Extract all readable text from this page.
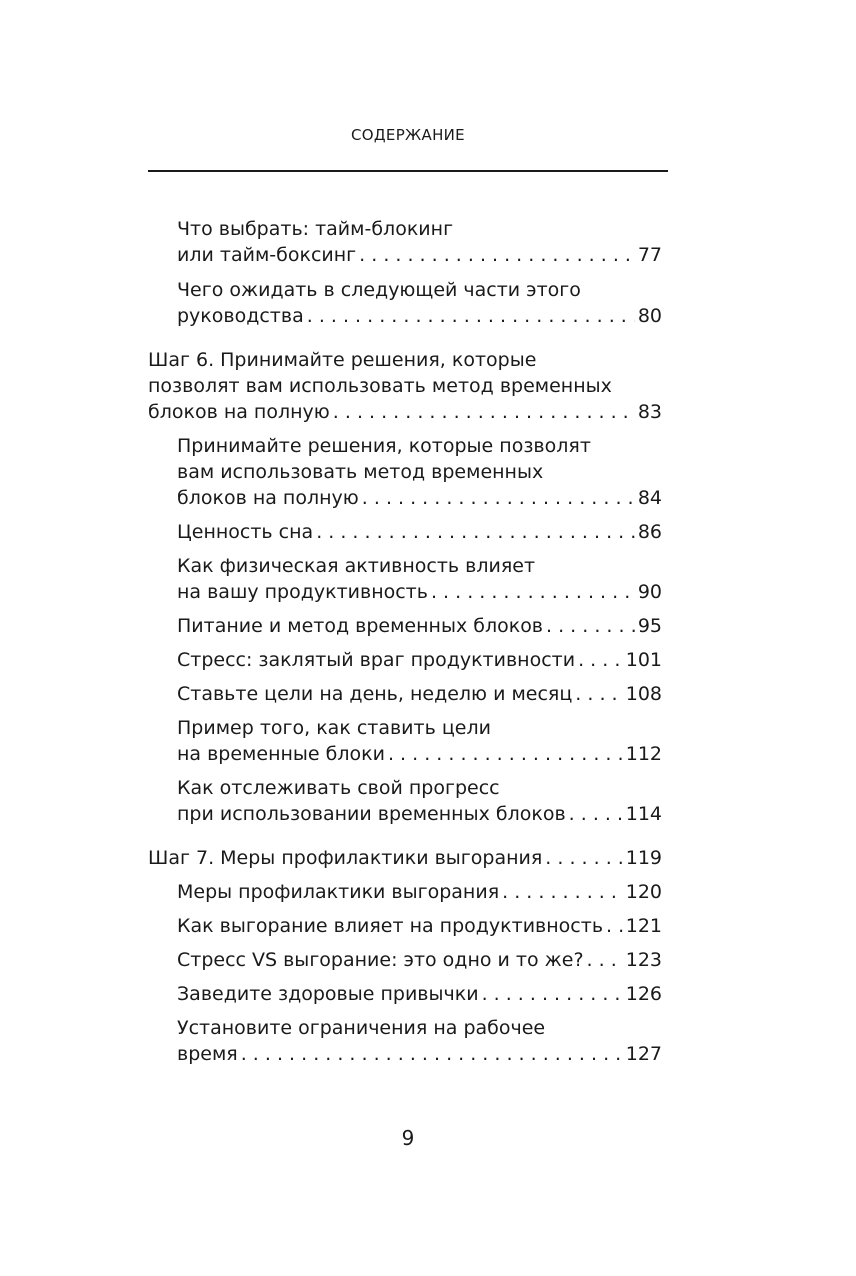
СОДЕРЖАНИЕ
Что выбрать: тайм-блокинг
или тайм-боксинг . . .	77
Чего ожидать в следующей части этого
руководства . . .	80
Шаг 6. Принимайте решения, которые
позволят вам использовать метод временных
блоков на полную . . .	83
Принимайте решения, которые позволят
вам использовать метод временных
блоков на полную . . .	84
Ценность сна . . .	86
Как физическая активность влияет
на вашу продуктивность . . .	90
Питание и метод временных блоков . . .	95
Стресс: заклятый враг продуктивности . . .	101
Ставьте цели на день, неделю и месяц . . .	108
Пример того, как ставить цели
на временные блоки . . .	112
Как отслеживать свой прогресс
при использовании временных блоков . . .	114
Шаг 7. Меры профилактики выгорания . . .	119
Меры профилактики выгорания . . .	120
Как выгорание влияет на продуктивность . . . 121
Стресс VS выгорание: это одно и то же? . . . 123
Заведите здоровые привычки . . .	126
Установите ограничения на рабочее
время . . .	127
9
